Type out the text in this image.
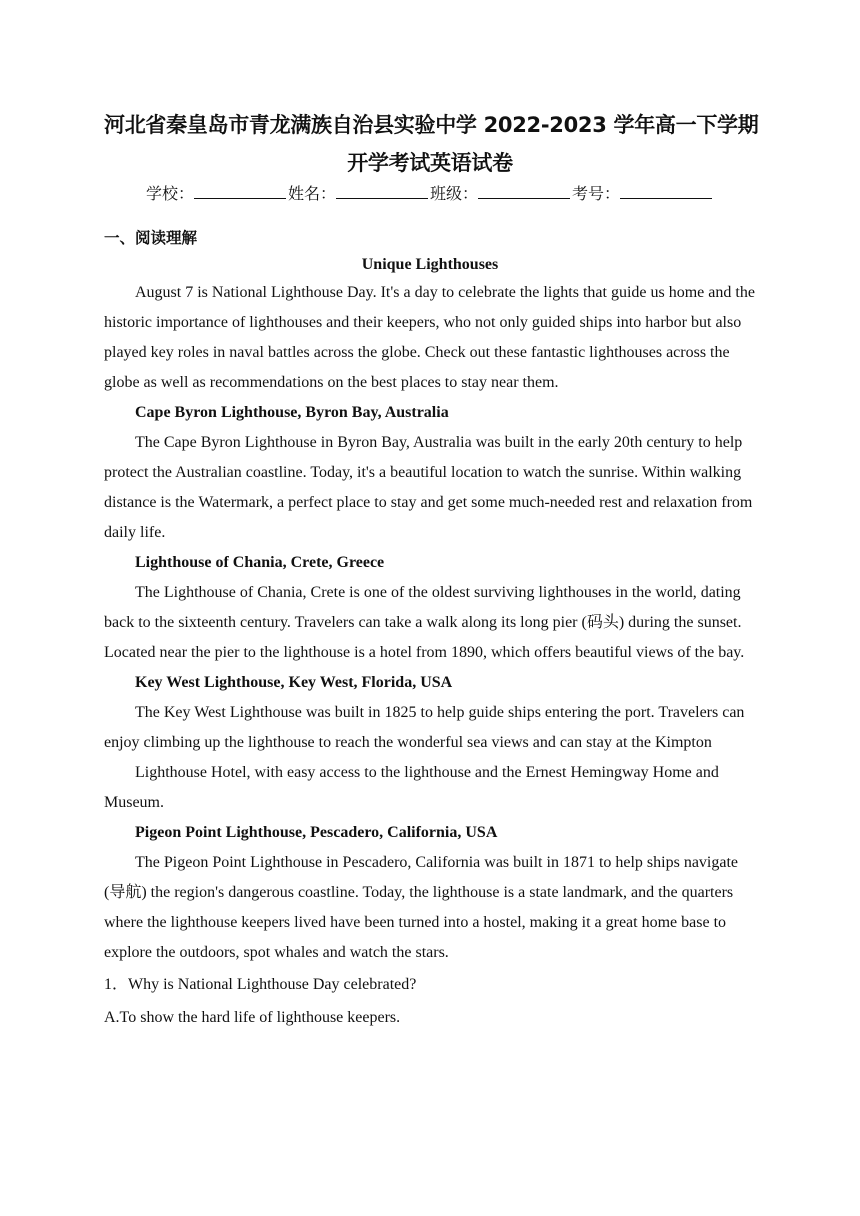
河北省秦皇岛市青龙满族自治县实验中学 2022-2023 学年高一下学期
开学考试英语试卷
学校：	姓名：	班级：	考号：
一、阅读理解
Unique Lighthouses

August 7 is National Lighthouse Day. It's a day to celebrate the lights that guide us home and the historic importance of lighthouses and their keepers, who not only guided ships into harbor but also played key roles in naval battles across the globe. Check out these fantastic lighthouses across the globe as well as recommendations on the best places to stay near them.

Cape Byron Lighthouse, Byron Bay, Australia

The Cape Byron Lighthouse in Byron Bay, Australia was built in the early 20th century to help protect the Australian coastline. Today, it's a beautiful location to watch the sunrise. Within walking distance is the Watermark, a perfect place to stay and get some much-needed rest and relaxation from daily life.

Lighthouse of Chania, Crete, Greece

The Lighthouse of Chania, Crete is one of the oldest surviving lighthouses in the world, dating back to the sixteenth century. Travelers can take a walk along its long pier (码头) during the sunset. Located near the pier to the lighthouse is a hotel from 1890, which offers beautiful views of the bay.

Key West Lighthouse, Key West, Florida, USA

The Key West Lighthouse was built in 1825 to help guide ships entering the port. Travelers can enjoy climbing up the lighthouse to reach the wonderful sea views and can stay at the Kimpton

Lighthouse Hotel, with easy access to the lighthouse and the Ernest Hemingway Home and Museum.

Pigeon Point Lighthouse, Pescadero, California, USA

The Pigeon Point Lighthouse in Pescadero, California was built in 1871 to help ships navigate (导航) the region's dangerous coastline. Today, the lighthouse is a state landmark, and the quarters where the lighthouse keepers lived have been turned into a hostel, making it a great home base to explore the outdoors, spot whales and watch the stars.

1．Why is National Lighthouse Day celebrated?

A.To show the hard life of lighthouse keepers.
